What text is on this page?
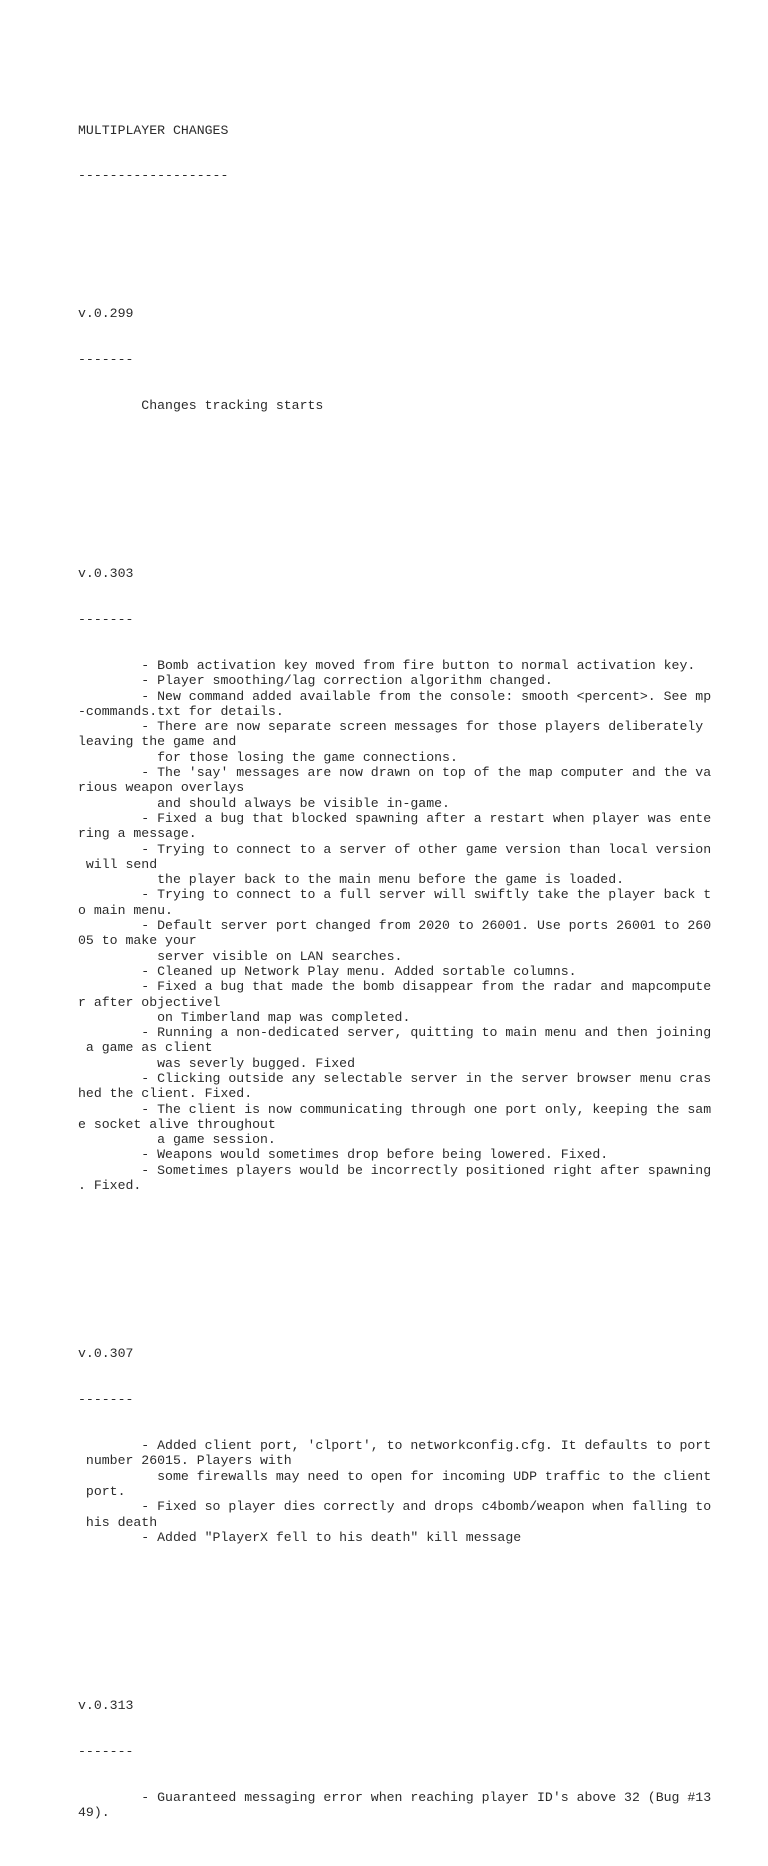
MULTIPLAYER CHANGES

-------------------

v.0.299

-------

Changes tracking starts

v.0.303

-------

- Bomb activation key moved from fire button to normal activation key.
- Player smoothing/lag correction algorithm changed.
- New command added available from the console: smooth <percent>. See mp
-commands.txt for details.
- There are now separate screen messages for those players deliberately
leaving the game and
for those losing the game connections.
- The 'say' messages are now drawn on top of the map computer and the va
rious weapon overlays
and should always be visible in-game.
- Fixed a bug that blocked spawning after a restart when player was ente
ring a message.
- Trying to connect to a server of other game version than local version
will send
the player back to the main menu before the game is loaded.
- Trying to connect to a full server will swiftly take the player back t
o main menu.
- Default server port changed from 2020 to 26001. Use ports 26001 to 260
05 to make your
server visible on LAN searches.
- Cleaned up Network Play menu. Added sortable columns.
- Fixed a bug that made the bomb disappear from the radar and mapcompute
r after objectivel
on Timberland map was completed.
- Running a non-dedicated server, quitting to main menu and then joining
a game as client
was severly bugged. Fixed
- Clicking outside any selectable server in the server browser menu cras
hed the client. Fixed.
- The client is now communicating through one port only, keeping the sam
e socket alive throughout
a game session.
- Weapons would sometimes drop before being lowered. Fixed.
- Sometimes players would be incorrectly positioned right after spawning
. Fixed.

v.0.307

-------

- Added client port, 'clport', to networkconfig.cfg. It defaults to port
number 26015. Players with
some firewalls may need to open for incoming UDP traffic to the client
port.
- Fixed so player dies correctly and drops c4bomb/weapon when falling to
his death
- Added "PlayerX fell to his death" kill message

v.0.313

-------

- Guaranteed messaging error when reaching player ID's above 32 (Bug #13
49).
